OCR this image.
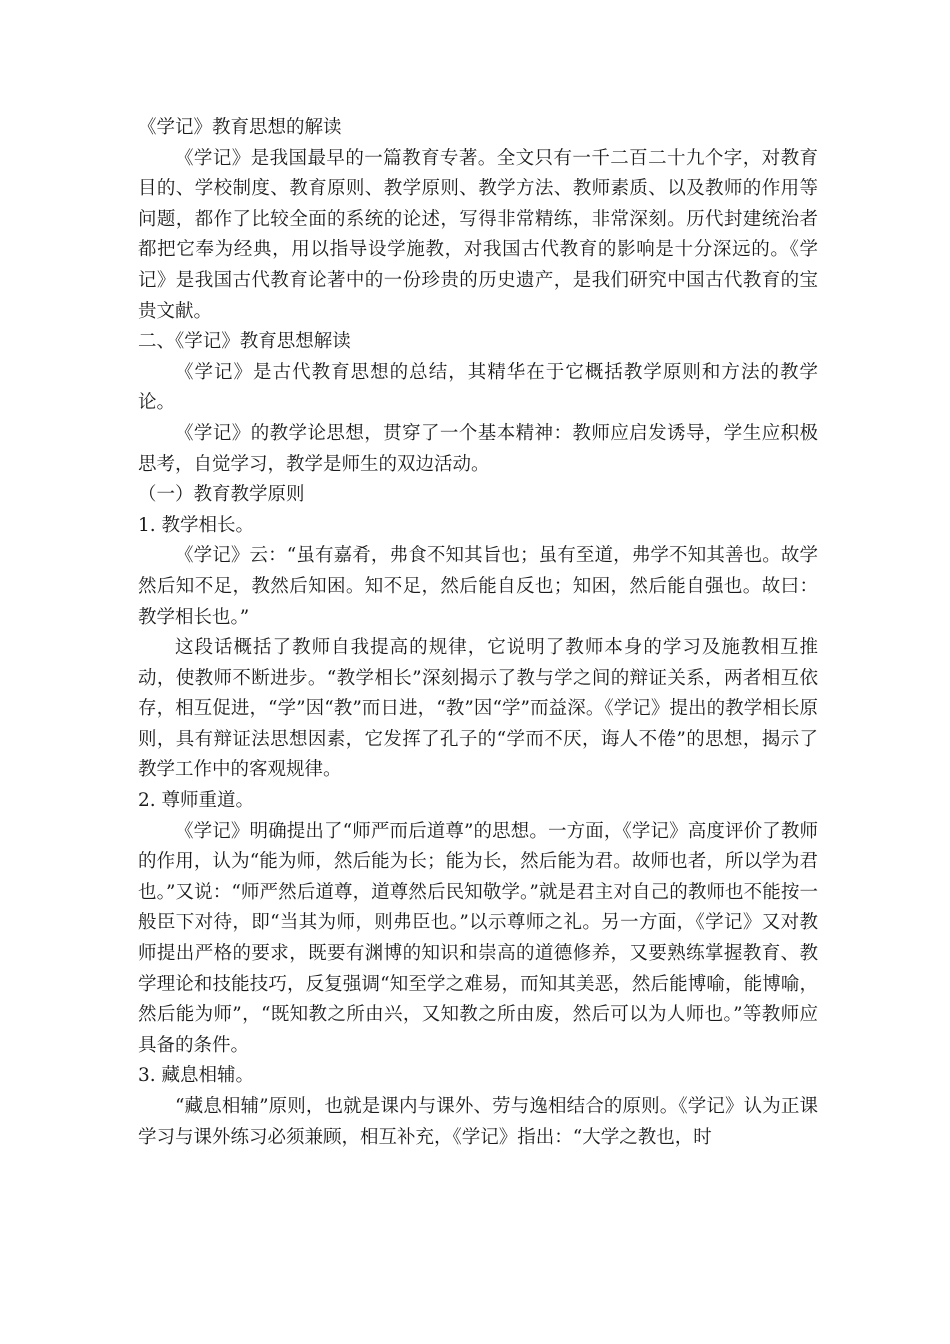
《学记》教育思想的解读

《学记》是我国最早的一篇教育专著。全文只有一千二百二十九个字，对教育目的、学校制度、教育原则、教学原则、教学方法、教师素质、以及教师的作用等问题，都作了比较全面的系统的论述，写得非常精练，非常深刻。历代封建统治者都把它奉为经典，用以指导设学施教，对我国古代教育的影响是十分深远的。《学记》是我国古代教育论著中的一份珍贵的历史遗产，是我们研究中国古代教育的宝贵文献。

二、《学记》教育思想解读

《学记》是古代教育思想的总结，其精华在于它概括教学原则和方法的教学论。

《学记》的教学论思想，贯穿了一个基本精神：教师应启发诱导，学生应积极思考，自觉学习，教学是师生的双边活动。

（一）教育教学原则

1. 教学相长。

《学记》云：“虽有嘉肴，弗食不知其旨也；虽有至道，弗学不知其善也。故学然后知不足，教然后知困。知不足，然后能自反也；知困，然后能自强也。故曰：教学相长也。”

这段话概括了教师自我提高的规律，它说明了教师本身的学习及施教相互推动，使教师不断进步。“教学相长”深刻揭示了教与学之间的辩证关系，两者相互依存，相互促进，“学”因“教”而日进，“教”因“学”而益深。《学记》提出的教学相长原则，具有辩证法思想因素，它发挥了孔子的“学而不厌，诲人不倦”的思想，揭示了教学工作中的客观规律。

2. 尊师重道。

《学记》明确提出了“师严而后道尊”的思想。一方面，《学记》高度评价了教师的作用，认为“能为师，然后能为长；能为长，然后能为君。故师也者，所以学为君也。”又说：“师严然后道尊，道尊然后民知敬学。”就是君主对自己的教师也不能按一般臣下对待，即“当其为师，则弗臣也。”以示尊师之礼。另一方面，《学记》又对教师提出严格的要求，既要有渊博的知识和崇高的道德修养，又要熟练掌握教育、教学理论和技能技巧，反复强调“知至学之难易，而知其美恶，然后能博喻，能博喻，然后能为师”，“既知教之所由兴，又知教之所由废，然后可以为人师也。”等教师应具备的条件。

3. 藏息相辅。

“藏息相辅”原则，也就是课内与课外、劳与逸相结合的原则。《学记》认为正课学习与课外练习必须兼顾，相互补充，《学记》指出：“大学之教也，时
